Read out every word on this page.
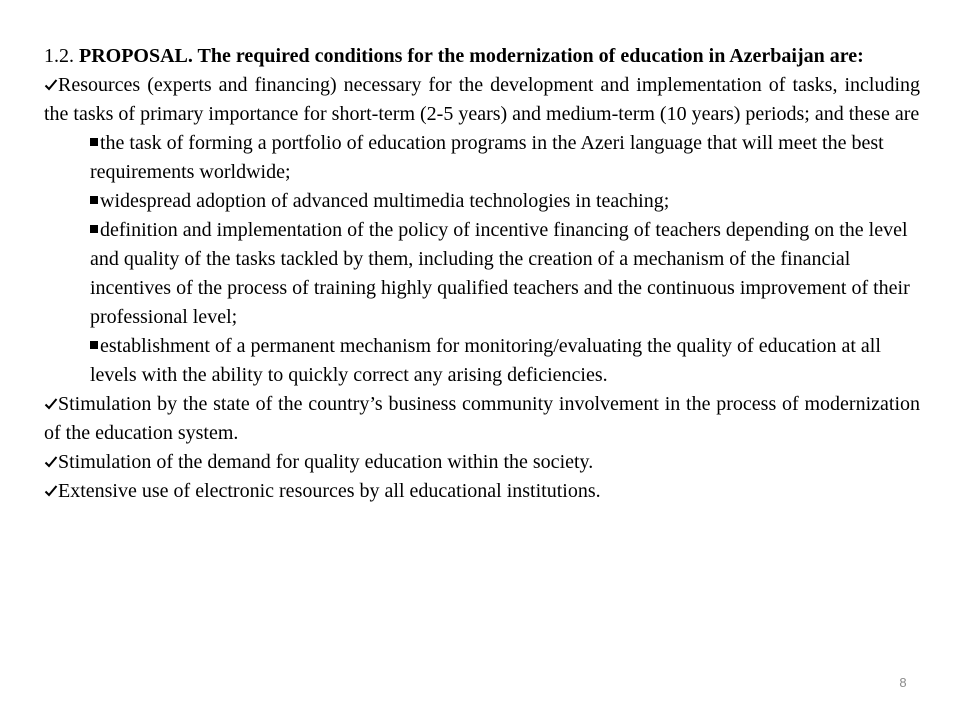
1.2. PROPOSAL. The required conditions for the modernization of education in Azerbaijan are:

Resources (experts and financing) necessary for the development and implementation of tasks, including the tasks of primary importance for short-term (2-5 years) and medium-term (10 years) periods; and these are

the task of forming a portfolio of education programs in the Azeri language that will meet the best requirements worldwide;

widespread adoption of advanced multimedia technologies in teaching;

definition and implementation of the policy of incentive financing of teachers depending on the level and quality of the tasks tackled by them, including the creation of a mechanism of the financial incentives of the process of training highly qualified teachers and the continuous improvement of their professional level;

establishment of a permanent mechanism for monitoring/evaluating the quality of education at all levels with the ability to quickly correct any arising deficiencies.

Stimulation by the state of the country’s business community involvement in the process of modernization of the education system.

Stimulation of the demand for quality education within the society.

Extensive use of electronic resources by all educational institutions.

8
